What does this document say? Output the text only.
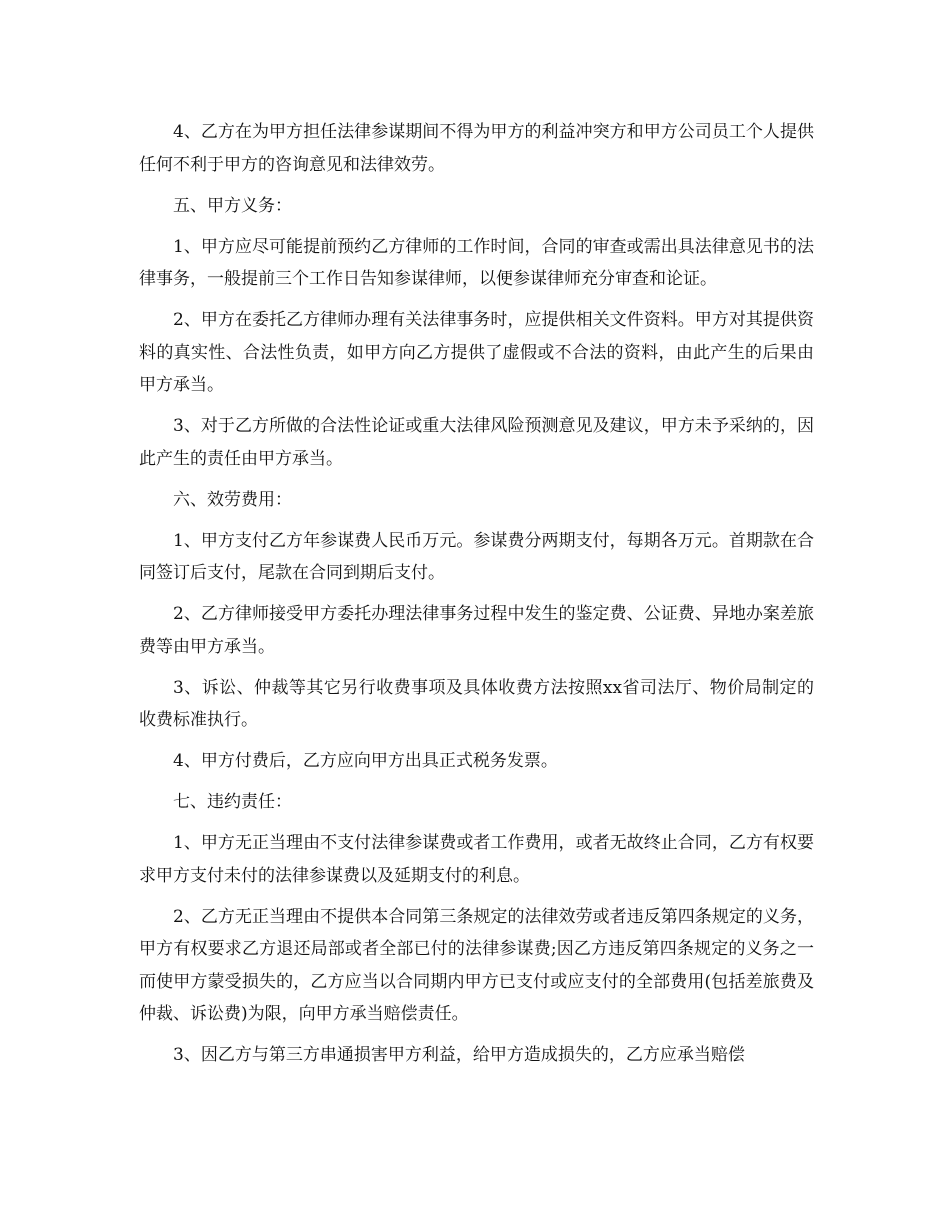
4、乙方在为甲方担任法律参谋期间不得为甲方的利益冲突方和甲方公司员工个人提供任何不利于甲方的咨询意见和法律效劳。

五、甲方义务：

1、甲方应尽可能提前预约乙方律师的工作时间，合同的审查或需出具法律意见书的法律事务，一般提前三个工作日告知参谋律师，以便参谋律师充分审查和论证。

2、甲方在委托乙方律师办理有关法律事务时，应提供相关文件资料。甲方对其提供资料的真实性、合法性负责，如甲方向乙方提供了虚假或不合法的资料，由此产生的后果由甲方承当。

3、对于乙方所做的合法性论证或重大法律风险预测意见及建议，甲方未予采纳的，因此产生的责任由甲方承当。

六、效劳费用：

1、甲方支付乙方年参谋费人民币万元。参谋费分两期支付，每期各万元。首期款在合同签订后支付，尾款在合同到期后支付。

2、乙方律师接受甲方委托办理法律事务过程中发生的鉴定费、公证费、异地办案差旅费等由甲方承当。

3、诉讼、仲裁等其它另行收费事项及具体收费方法按照xx省司法厅、物价局制定的收费标准执行。

4、甲方付费后，乙方应向甲方出具正式税务发票。

七、违约责任：

1、甲方无正当理由不支付法律参谋费或者工作费用，或者无故终止合同，乙方有权要求甲方支付未付的法律参谋费以及延期支付的利息。

2、乙方无正当理由不提供本合同第三条规定的法律效劳或者违反第四条规定的义务，甲方有权要求乙方退还局部或者全部已付的法律参谋费;因乙方违反第四条规定的义务之一而使甲方蒙受损失的，乙方应当以合同期内甲方已支付或应支付的全部费用(包括差旅费及仲裁、诉讼费)为限，向甲方承当赔偿责任。

3、因乙方与第三方串通损害甲方利益，给甲方造成损失的，乙方应承当赔偿
